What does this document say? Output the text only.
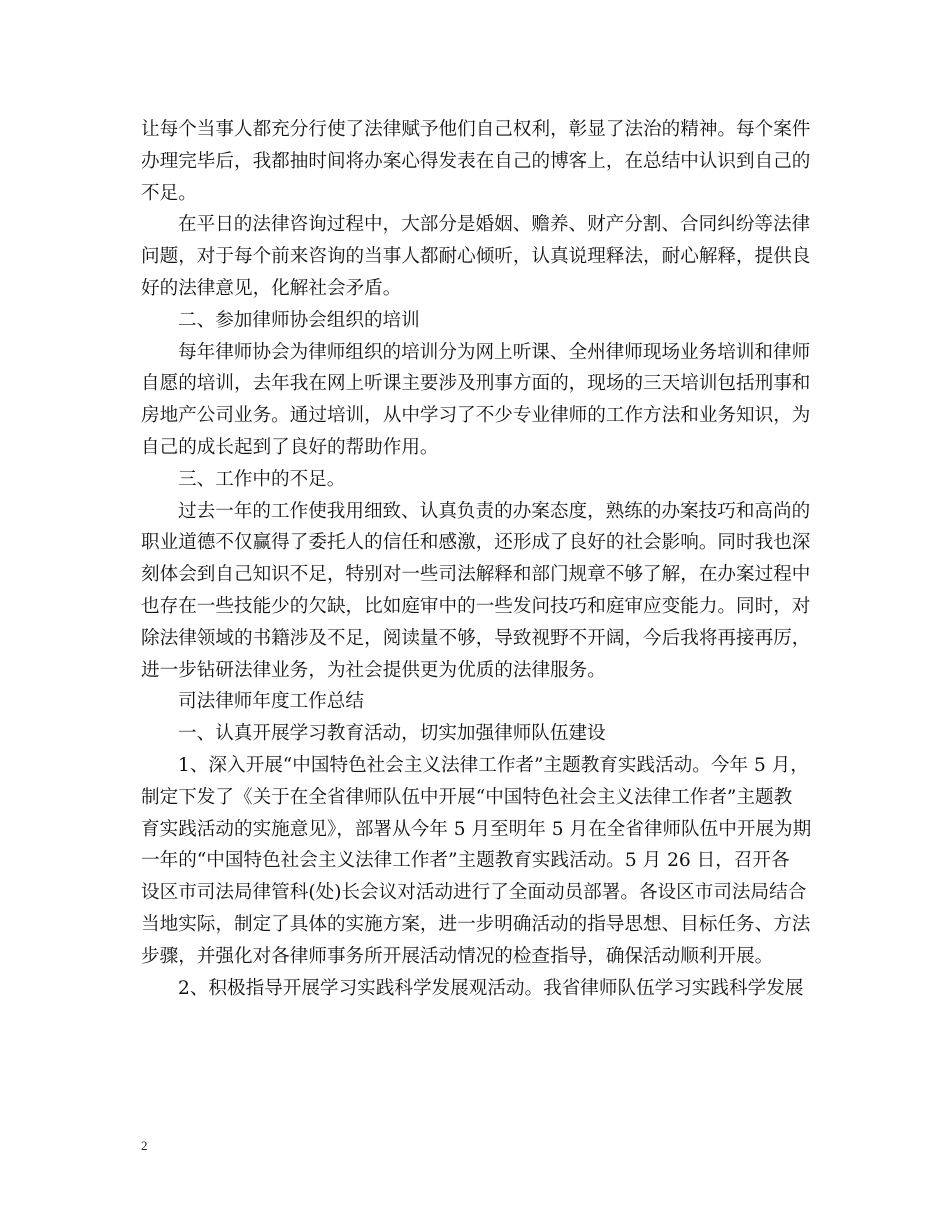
让每个当事人都充分行使了法律赋予他们自己权利，彰显了法治的精神。每个案件
办理完毕后，我都抽时间将办案心得发表在自己的博客上，在总结中认识到自己的
不足。
在平日的法律咨询过程中，大部分是婚姻、赡养、财产分割、合同纠纷等法律
问题，对于每个前来咨询的当事人都耐心倾听，认真说理释法，耐心解释，提供良
好的法律意见，化解社会矛盾。
二、参加律师协会组织的培训
每年律师协会为律师组织的培训分为网上听课、全州律师现场业务培训和律师
自愿的培训，去年我在网上听课主要涉及刑事方面的，现场的三天培训包括刑事和
房地产公司业务。通过培训，从中学习了不少专业律师的工作方法和业务知识，为
自己的成长起到了良好的帮助作用。
三、工作中的不足。
过去一年的工作使我用细致、认真负责的办案态度，熟练的办案技巧和高尚的
职业道德不仅赢得了委托人的信任和感激，还形成了良好的社会影响。同时我也深
刻体会到自己知识不足，特别对一些司法解释和部门规章不够了解，在办案过程中
也存在一些技能少的欠缺，比如庭审中的一些发问技巧和庭审应变能力。同时，对
除法律领域的书籍涉及不足，阅读量不够，导致视野不开阔，今后我将再接再厉，
进一步钻研法律业务，为社会提供更为优质的法律服务。
司法律师年度工作总结
一、认真开展学习教育活动，切实加强律师队伍建设
1、深入开展“中国特色社会主义法律工作者”主题教育实践活动。今年 5 月，
制定下发了《关于在全省律师队伍中开展“中国特色社会主义法律工作者”主题教
育实践活动的实施意见》，部署从今年 5 月至明年 5 月在全省律师队伍中开展为期
一年的“中国特色社会主义法律工作者”主题教育实践活动。5 月 26 日，召开各
设区市司法局律管科(处)长会议对活动进行了全面动员部署。各设区市司法局结合
当地实际，制定了具体的实施方案，进一步明确活动的指导思想、目标任务、方法
步骤，并强化对各律师事务所开展活动情况的检查指导，确保活动顺利开展。
2、积极指导开展学习实践科学发展观活动。我省律师队伍学习实践科学发展
2
